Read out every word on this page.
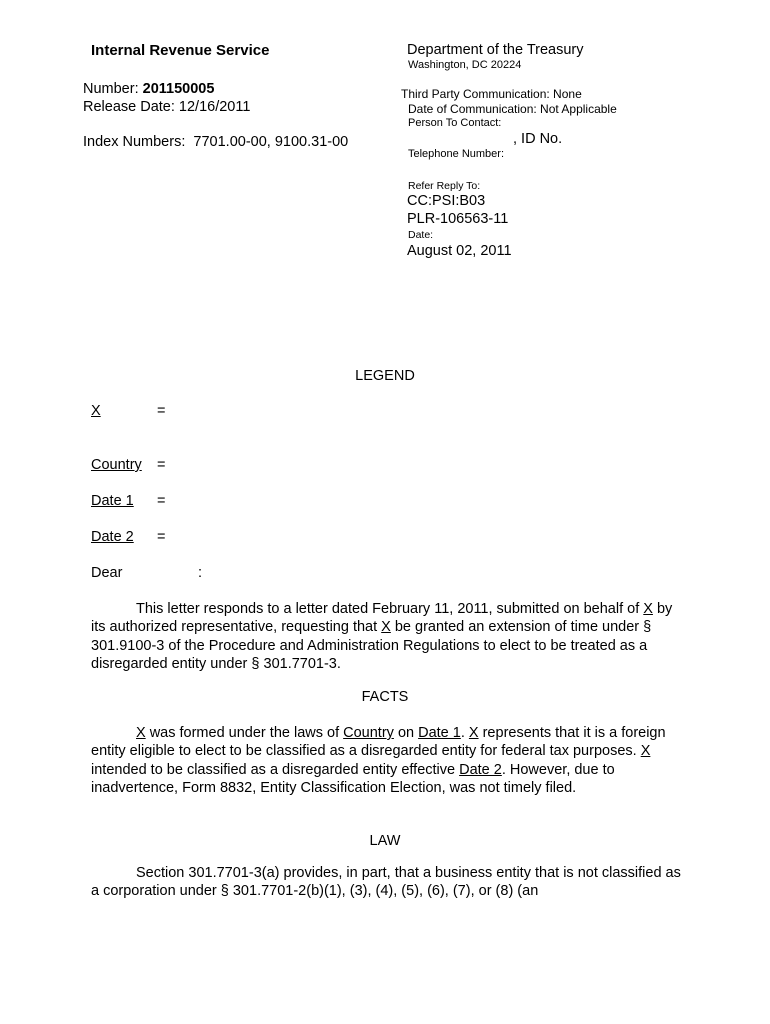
Internal Revenue Service
Number: 201150005
Release Date: 12/16/2011
Index Numbers: 7701.00-00, 9100.31-00
Department of the Treasury
Washington, DC 20224
Third Party Communication: None
Date of Communication: Not Applicable
Person To Contact:
, ID No.
Telephone Number:
Refer Reply To:
CC:PSI:B03
PLR-106563-11
Date:
August 02, 2011
LEGEND
X	=
Country =
Date 1 =
Date 2 =
Dear	:
This letter responds to a letter dated February 11, 2011, submitted on behalf of X by its authorized representative, requesting that X be granted an extension of time under § 301.9100-3 of the Procedure and Administration Regulations to elect to be treated as a disregarded entity under § 301.7701-3.
FACTS
X was formed under the laws of Country on Date 1. X represents that it is a foreign entity eligible to elect to be classified as a disregarded entity for federal tax purposes. X intended to be classified as a disregarded entity effective Date 2. However, due to inadvertence, Form 8832, Entity Classification Election, was not timely filed.
LAW
Section 301.7701-3(a) provides, in part, that a business entity that is not classified as a corporation under § 301.7701-2(b)(1), (3), (4), (5), (6), (7), or (8) (an
